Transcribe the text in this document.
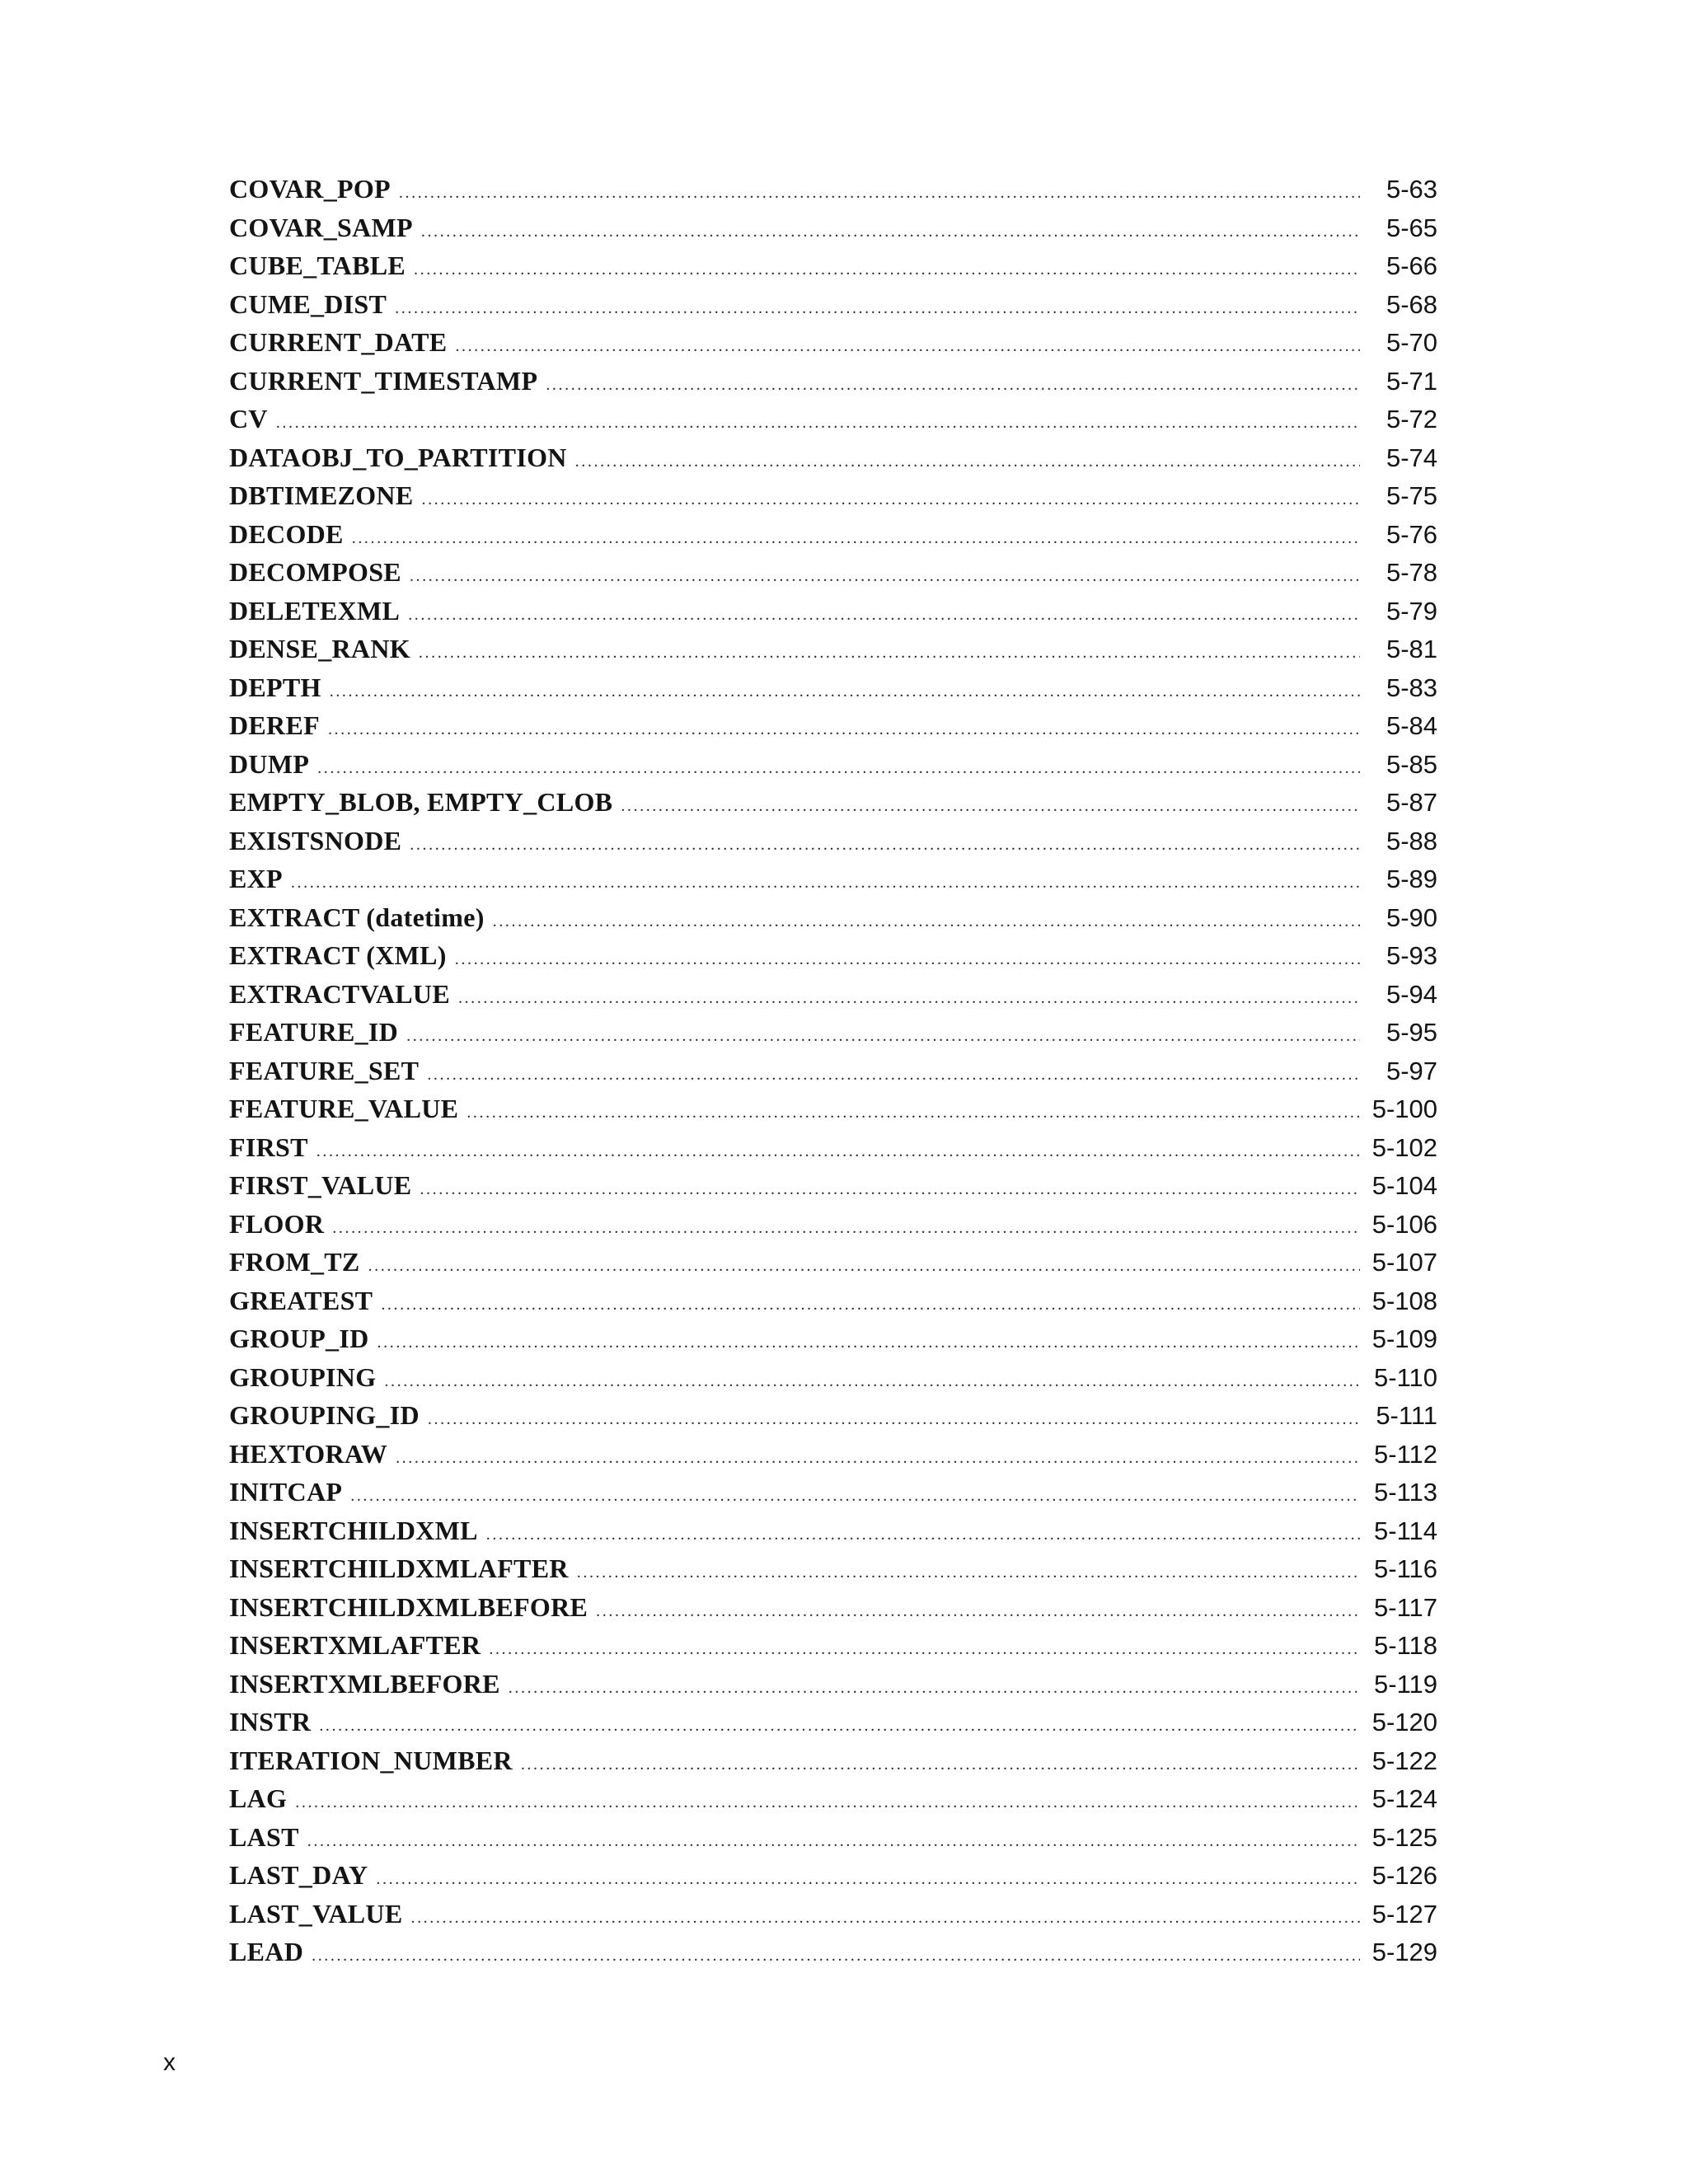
COVAR_POP .....	5-63
COVAR_SAMP .....	5-65
CUBE_TABLE .....	5-66
CUME_DIST .....	5-68
CURRENT_DATE .....	5-70
CURRENT_TIMESTAMP .....	5-71
CV .....	5-72
DATAOBJ_TO_PARTITION .....	5-74
DBTIMEZONE .....	5-75
DECODE .....	5-76
DECOMPOSE .....	5-78
DELETEXML .....	5-79
DENSE_RANK .....	5-81
DEPTH .....	5-83
DEREF .....	5-84
DUMP .....	5-85
EMPTY_BLOB, EMPTY_CLOB .....	5-87
EXISTSNODE .....	5-88
EXP .....	5-89
EXTRACT (datetime) .....	5-90
EXTRACT (XML) .....	5-93
EXTRACTVALUE .....	5-94
FEATURE_ID .....	5-95
FEATURE_SET .....	5-97
FEATURE_VALUE .....	5-100
FIRST .....	5-102
FIRST_VALUE .....	5-104
FLOOR .....	5-106
FROM_TZ .....	5-107
GREATEST .....	5-108
GROUP_ID .....	5-109
GROUPING .....	5-110
GROUPING_ID .....	5-111
HEXTORAW .....	5-112
INITCAP .....	5-113
INSERTCHILDXML .....	5-114
INSERTCHILDXMLAFTER .....	5-116
INSERTCHILDXMLBEFORE .....	5-117
INSERTXMLAFTER .....	5-118
INSERTXMLBEFORE .....	5-119
INSTR .....	5-120
ITERATION_NUMBER .....	5-122
LAG .....	5-124
LAST .....	5-125
LAST_DAY .....	5-126
LAST_VALUE .....	5-127
LEAD .....	5-129
x
